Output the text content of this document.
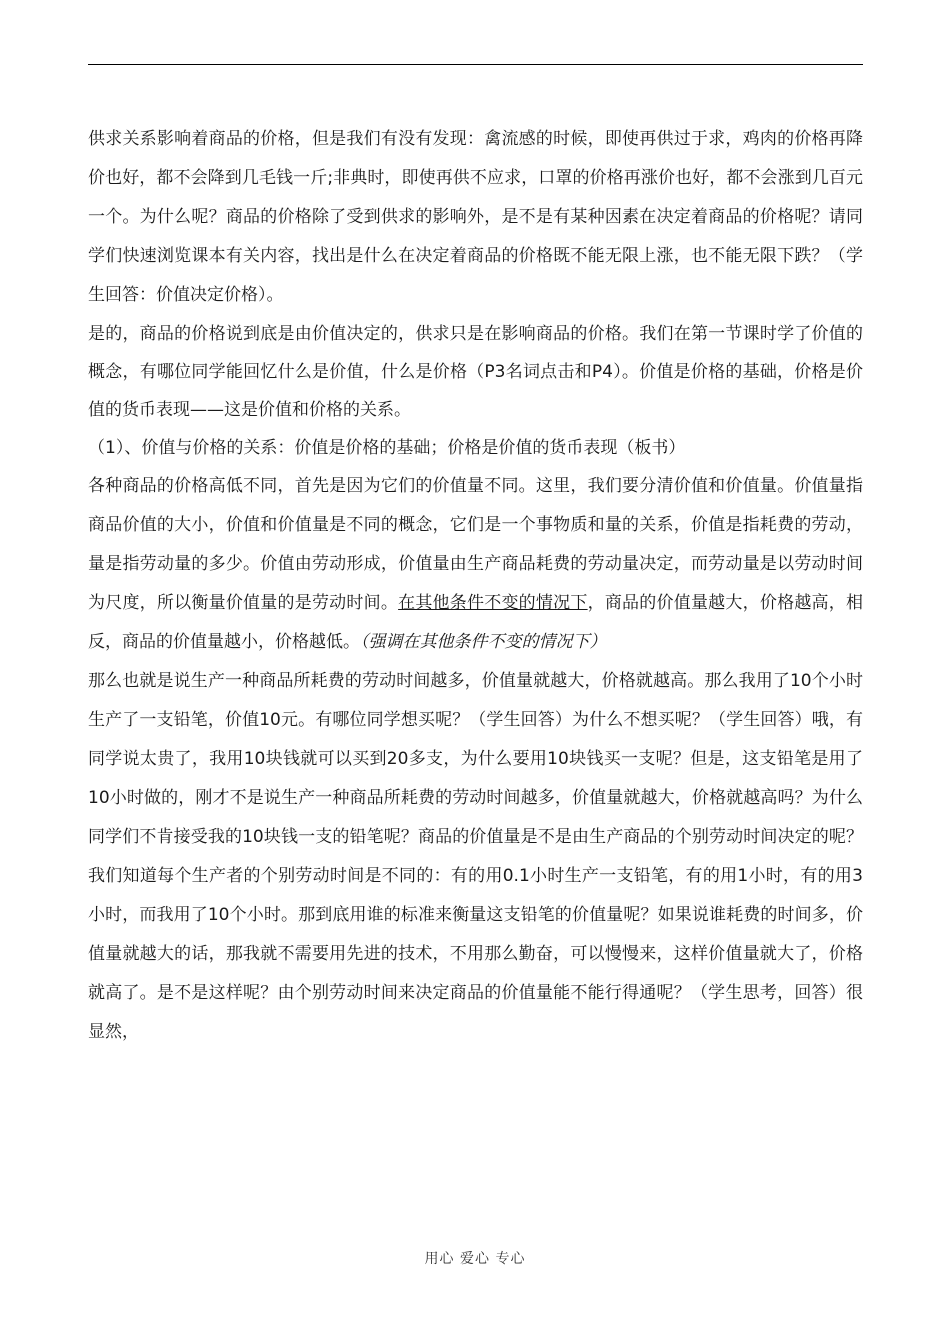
供求关系影响着商品的价格，但是我们有没有发现：禽流感的时候，即使再供过于求，鸡肉的价格再降价也好，都不会降到几毛钱一斤;非典时，即使再供不应求，口罩的价格再涨价也好，都不会涨到几百元一个。为什么呢？商品的价格除了受到供求的影响外，是不是有某种因素在决定着商品的价格呢？请同学们快速浏览课本有关内容，找出是什么在决定着商品的价格既不能无限上涨，也不能无限下跌？（学生回答：价值决定价格）。

是的，商品的价格说到底是由价值决定的，供求只是在影响商品的价格。我们在第一节课时学了价值的概念，有哪位同学能回忆什么是价值，什么是价格（P3名词点击和P4）。价值是价格的基础，价格是价值的货币表现——这是价值和价格的关系。

（1）、价值与价格的关系：价值是价格的基础；价格是价值的货币表现（板书）

各种商品的价格高低不同，首先是因为它们的价值量不同。这里，我们要分清价值和价值量。价值量指商品价值的大小，价值和价值量是不同的概念，它们是一个事物质和量的关系，价值是指耗费的劳动，量是指劳动量的多少。价值由劳动形成，价值量由生产商品耗费的劳动量决定，而劳动量是以劳动时间为尺度，所以衡量价值量的是劳动时间。在其他条件不变的情况下，商品的价值量越大，价格越高，相反，商品的价值量越小，价格越低。（强调在其他条件不变的情况下）

那么也就是说生产一种商品所耗费的劳动时间越多，价值量就越大，价格就越高。那么我用了10个小时生产了一支铅笔，价值10元。有哪位同学想买呢？（学生回答）为什么不想买呢？（学生回答）哦，有同学说太贵了，我用10块钱就可以买到20多支，为什么要用10块钱买一支呢？但是，这支铅笔是用了10小时做的，刚才不是说生产一种商品所耗费的劳动时间越多，价值量就越大，价格就越高吗？为什么同学们不肯接受我的10块钱一支的铅笔呢？商品的价值量是不是由生产商品的个别劳动时间决定的呢？我们知道每个生产者的个别劳动时间是不同的：有的用0.1小时生产一支铅笔，有的用1小时，有的用3小时，而我用了10个小时。那到底用谁的标准来衡量这支铅笔的价值量呢？如果说谁耗费的时间多，价值量就越大的话，那我就不需要用先进的技术，不用那么勤奋，可以慢慢来，这样价值量就大了，价格就高了。是不是这样呢？由个别劳动时间来决定商品的价值量能不能行得通呢？（学生思考，回答）很显然，

用心 爱心 专心
